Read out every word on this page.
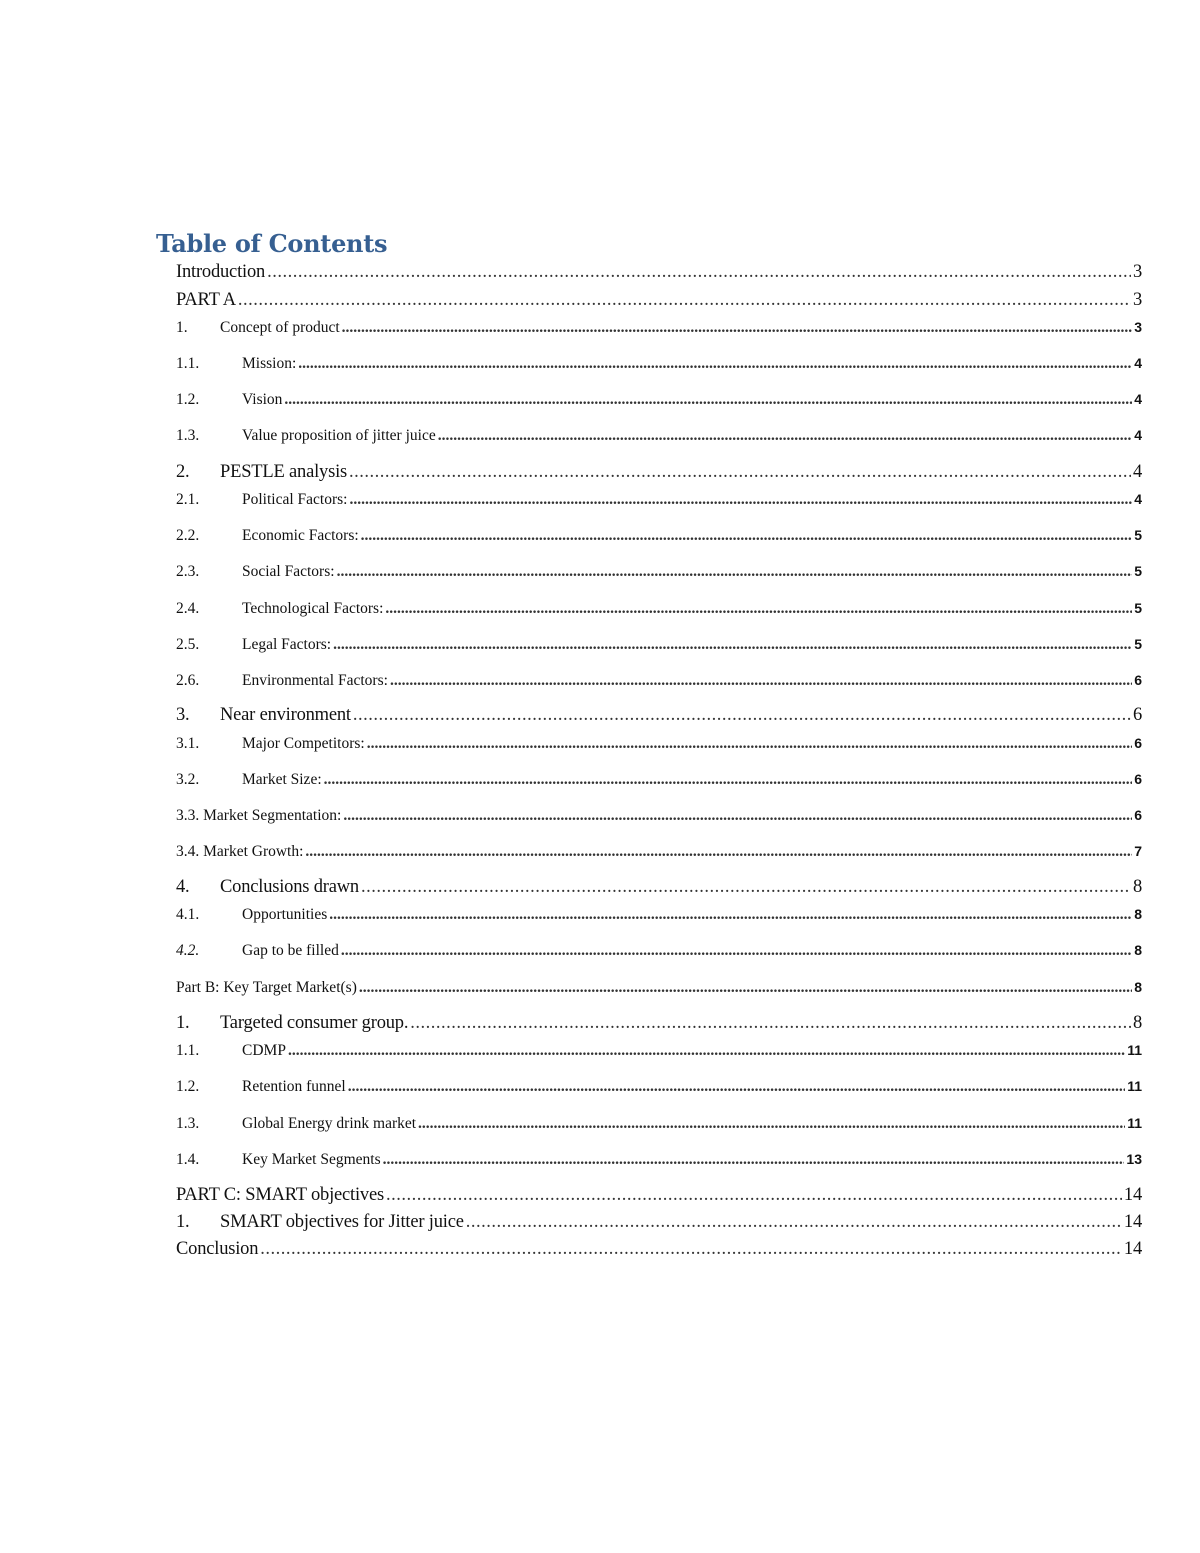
Table of Contents
Introduction .....	3
PART A .....	3
1.	Concept of product .....	3
1.1.	Mission: .....	4
1.2.	Vision .....	4
1.3.	Value proposition of jitter juice .....	4
2.	PESTLE analysis .....	4
2.1.	Political Factors: .....	4
2.2.	Economic Factors: .....	5
2.3.	Social Factors: .....	5
2.4.	Technological Factors: .....	5
2.5.	Legal Factors: .....	5
2.6.	Environmental Factors: .....	6
3.	Near environment .....	6
3.1.	Major Competitors: .....	6
3.2.	Market Size: .....	6
3.3. Market Segmentation: .....	6
3.4. Market Growth: .....	7
4.	Conclusions drawn .....	8
4.1.	Opportunities .....	8
4.2.	Gap to be filled .....	8
Part B: Key Target Market(s) .....	8
1.	Targeted consumer group. .....	8
1.1.	CDMP .....	11
1.2.	Retention funnel .....	11
1.3.	Global Energy drink market .....	11
1.4.	Key Market Segments .....	13
PART C: SMART objectives .....	14
1.	SMART objectives for Jitter juice .....	14
Conclusion .....	14
